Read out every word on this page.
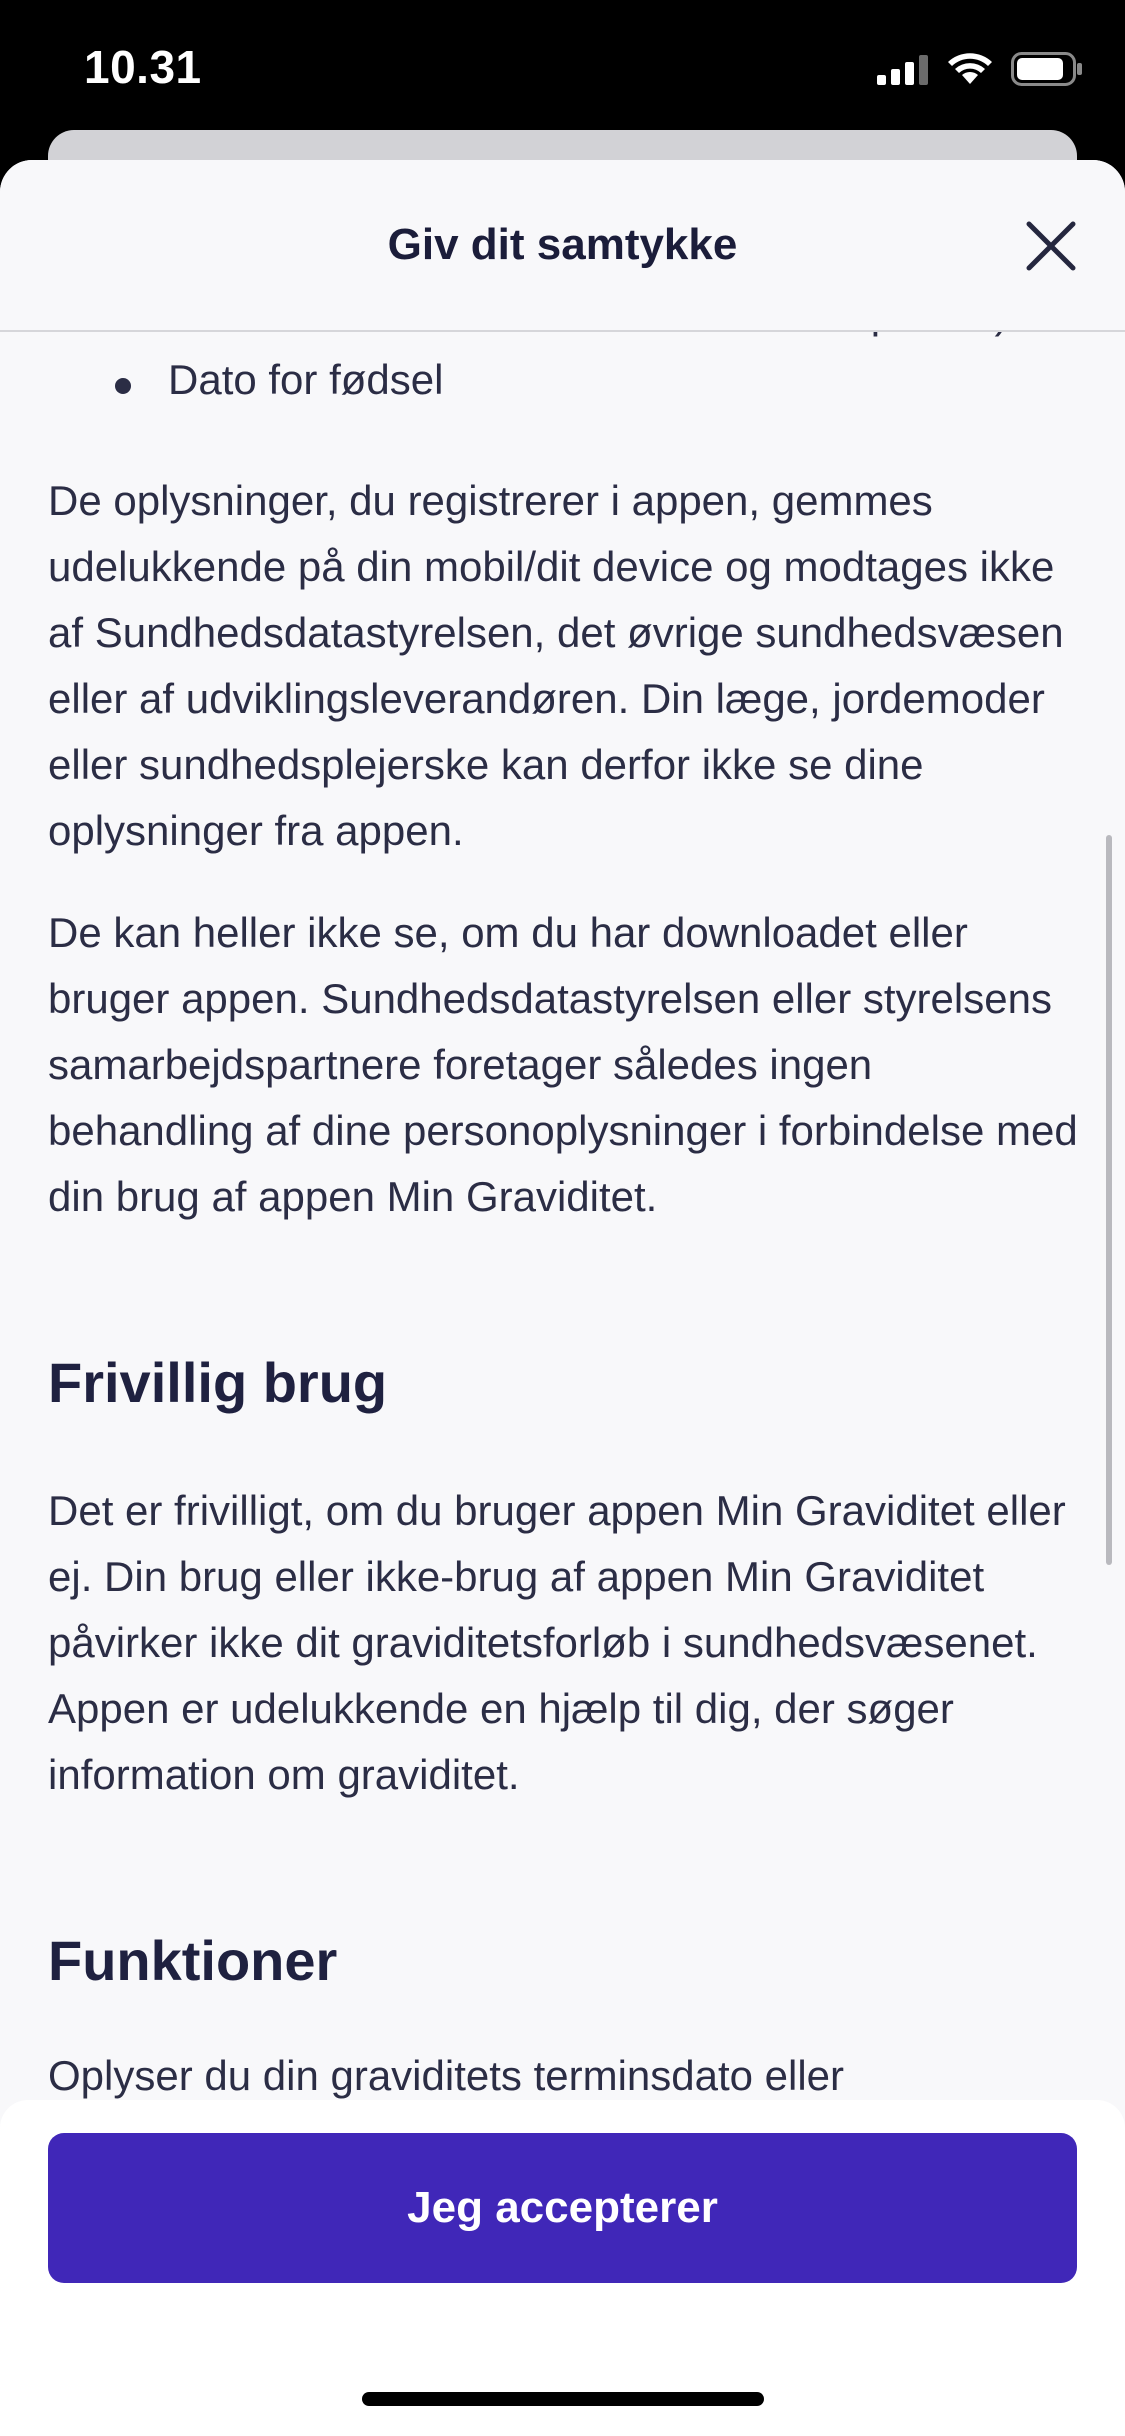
10.31
Dato for fødsel

De oplysninger, du registrerer i appen, gemmes udelukkende på din mobil/dit device og modtages ikke af Sundhedsdatastyrelsen, det øvrige sundhedsvæsen eller af udviklingsleverandøren. Din læge, jordemoder eller sundhedsplejerske kan derfor ikke se dine oplysninger fra appen.

De kan heller ikke se, om du har downloadet eller bruger appen. Sundhedsdatastyrelsen eller styrelsens samarbejdspartnere foretager således ingen behandling af dine personoplysninger i forbindelse med din brug af appen Min Graviditet.

Frivillig brug

Det er frivilligt, om du bruger appen Min Graviditet eller ej. Din brug eller ikke-brug af appen Min Graviditet påvirker ikke dit graviditetsforløb i sundhedsvæsenet. Appen er udelukkende en hjælp til dig, der søger information om graviditet.

Funktioner
Oplyser du din graviditets terminsdato eller
Giv dit samtykke
Jeg accepterer
